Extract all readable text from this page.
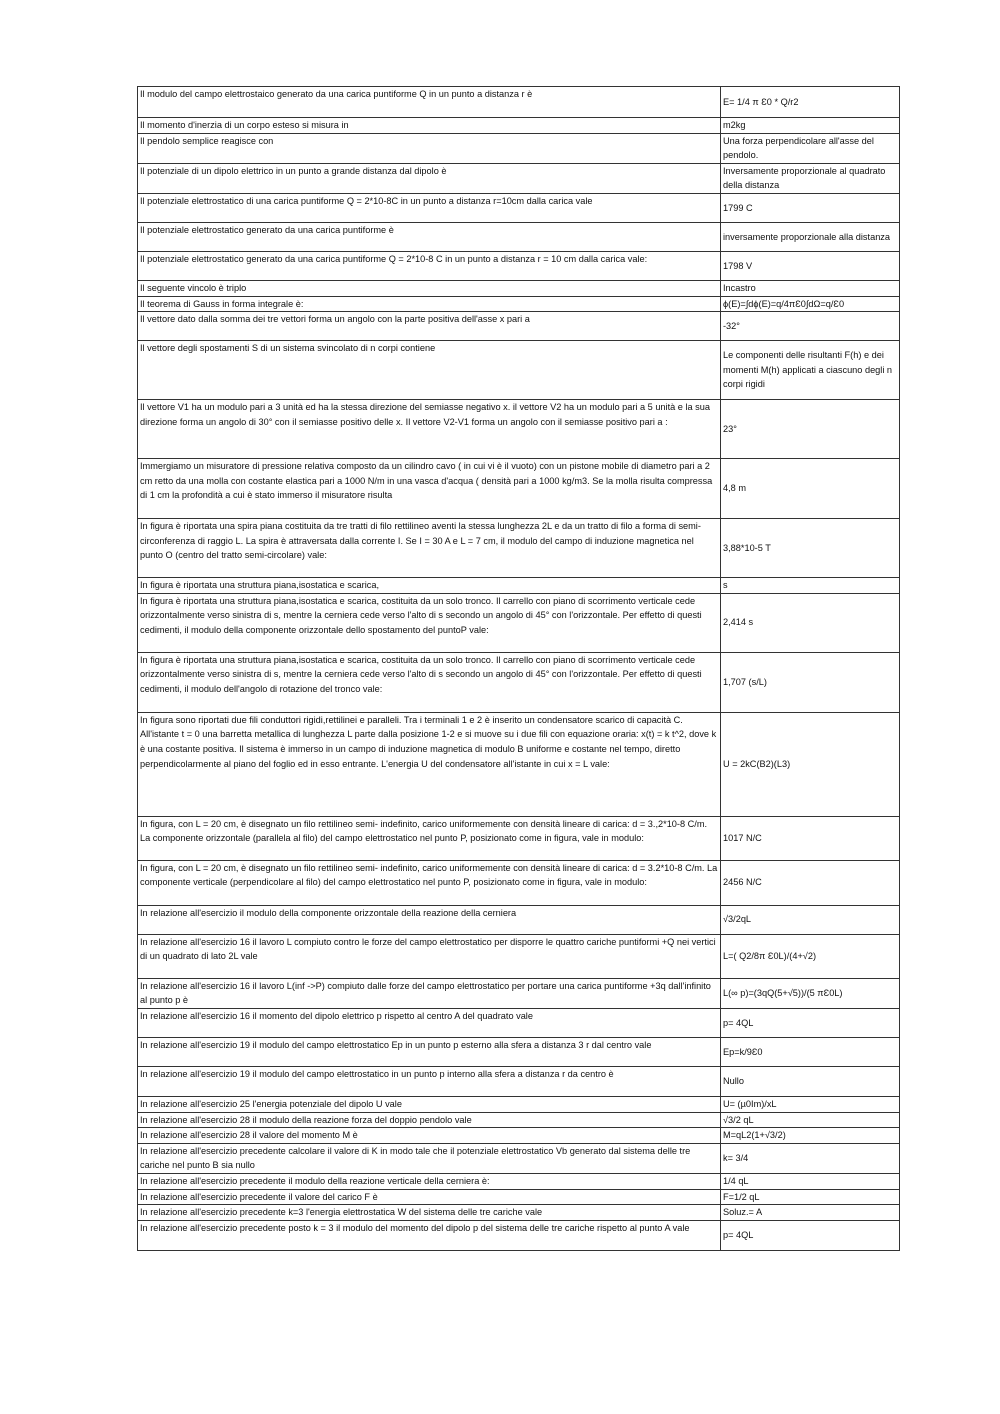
Il modulo del campo elettrostaico generato da una carica puntiforme Q in un punto a distanza r è	E= 1/4 π Ɛ0 * Q/r2
Il momento d'inerzia di un corpo esteso si misura in	m2kg
Il pendolo semplice reagisce con	Una forza perpendicolare all'asse del pendolo.
Il potenziale di un dipolo elettrico in un punto a grande distanza dal dipolo è	Inversamente proporzionale al quadrato della distanza
Il potenziale elettrostatico di una carica puntiforme Q = 2*10-8C in un punto a distanza r=10cm dalla carica vale	1799 C
Il potenziale elettrostatico generato da una carica puntiforme è	inversamente proporzionale alla distanza
Il potenziale elettrostatico generato da una carica puntiforme Q = 2*10-8 C in un punto a distanza r = 10 cm dalla carica vale:	1798 V
Il seguente vincolo è triplo	Incastro
Il teorema di Gauss in forma integrale è:	ϕ(E)=∫dϕ(E)=q/4πƐ0∫dΩ=q/Ɛ0
Il vettore dato dalla somma dei tre vettori forma un angolo con la parte positiva dell'asse x pari a	-32°
Il vettore degli spostamenti S di un sistema svincolato di n corpi contiene	Le componenti delle risultanti F(h) e dei momenti M(h) applicati a ciascuno degli n corpi rigidi
Il vettore V1 ha un modulo pari a 3 unità ed ha la stessa direzione del semiasse negativo x. il vettore V2 ha un modulo pari a 5 unità e la sua direzione forma un angolo di 30° con il semiasse positivo delle x. Il vettore V2-V1 forma un angolo con il semiasse positivo pari a :	23°
Immergiamo un misuratore di pressione relativa composto da un cilindro cavo ( in cui vi è il vuoto) con un pistone mobile di diametro pari a 2 cm retto da una molla con costante elastica pari a 1000 N/m in una vasca d'acqua ( densità pari a 1000 kg/m3. Se la molla risulta compressa di 1 cm la profondità a cui è stato immerso il misuratore risulta	4,8 m
In figura è riportata una spira piana costituita da tre tratti di filo rettilineo aventi la stessa lunghezza 2L e da un tratto di filo a forma di semi-circonferenza di raggio L. La spira è attraversata dalla corrente I. Se I = 30 A e L = 7 cm, il modulo del campo di induzione magnetica nel punto O (centro del tratto semi-circolare) vale:	3,88*10-5 T
In figura è riportata una struttura piana,isostatica e scarica,	s
In figura è riportata una struttura piana,isostatica e scarica, costituita da un solo tronco. Il carrello con piano di scorrimento verticale cede orizzontalmente verso sinistra di s, mentre la cerniera cede verso l'alto di s secondo un angolo di 45° con l'orizzontale. Per effetto di questi cedimenti, il modulo della componente orizzontale dello spostamento del puntoP vale:	2,414 s
In figura è riportata una struttura piana,isostatica e scarica, costituita da un solo tronco. Il carrello con piano di scorrimento verticale cede orizzontalmente verso sinistra di s, mentre la cerniera cede verso l'alto di s secondo un angolo di 45° con l'orizzontale. Per effetto di questi cedimenti, il modulo dell'angolo di rotazione del tronco vale:	1,707 (s/L)
In figura sono riportati due fili conduttori rigidi,rettilinei e paralleli. Tra i terminali 1 e 2 è inserito un condensatore scarico di capacità C. All'istante t = 0 una barretta metallica di lunghezza L parte dalla posizione 1-2 e si muove su i due fili con equazione oraria: x(t) = k t^2, dove k è una costante positiva. Il sistema è immerso in un campo di induzione magnetica di modulo B uniforme e costante nel tempo, diretto perpendicolarmente al piano del foglio ed in esso entrante. L'energia U del condensatore all'istante in cui x = L vale:	U = 2kC(B2)(L3)
In figura, con L = 20 cm, è disegnato un filo rettilineo semi- indefinito, carico uniformemente con densità lineare di carica: d = 3.,2*10-8 C/m. La componente orizzontale (parallela al filo) del campo elettrostatico nel punto P, posizionato come in figura, vale in modulo:	1017 N/C
In figura, con L = 20 cm, è disegnato un filo rettilineo semi- indefinito, carico uniformemente con densità lineare di carica: d = 3.2*10-8 C/m. La componente verticale (perpendicolare al filo) del campo elettrostatico nel punto P, posizionato come in figura, vale in modulo:	2456 N/C
In relazione all'esercizio il modulo della componente orizzontale della reazione della cerniera	√3/2qL
In relazione all'esercizio 16 il lavoro L compiuto contro le forze del campo elettrostatico per disporre le quattro cariche puntiformi +Q nei vertici di un quadrato di lato 2L vale	L=( Q2/8π Ɛ0L)/(4+√2)
In relazione all'esercizio 16 il lavoro L(inf ->P) compiuto dalle forze del campo elettrostatico per portare una carica puntiforme +3q dall'infinito al punto p è	L(∞ p)=(3qQ(5+√5))/(5 πƐ0L)
In relazione all'esercizio 16 il momento del dipolo elettrico p rispetto al centro A del quadrato vale	p= 4QL
In relazione all'esercizio 19 il modulo del campo elettrostatico Ep in un punto p esterno alla sfera a distanza 3 r dal centro vale	Ep=k/9Ɛ0
In relazione all'esercizio 19 il modulo del campo elettrostatico in un punto p interno alla sfera a distanza r da centro è	Nullo
In relazione all'esercizio 25 l'energia potenziale del dipolo U vale	U= (µ0Im)/xL
In relazione all'esercizio 28 il modulo della reazione forza del doppio pendolo vale	√3/2 qL
In relazione all'esercizio 28 il valore del momento M è	M=qL2(1+√3/2)
In relazione all'esercizio precedente calcolare il valore di K in modo tale che il potenziale elettrostatico Vb generato dal sistema delle tre cariche nel punto B sia nullo	k= 3/4
In relazione all'esercizio precedente il modulo della reazione verticale della cerniera è:	1/4 qL
In relazione all'esercizio precedente il valore del carico F è	F=1/2 qL
In relazione all'esercizio precedente k=3 l'energia elettrostatica W del sistema delle tre cariche vale	Soluz.= A
In relazione all'esercizio precedente posto k = 3 il modulo del momento del dipolo p del sistema delle tre cariche rispetto al punto A vale	p= 4QL
